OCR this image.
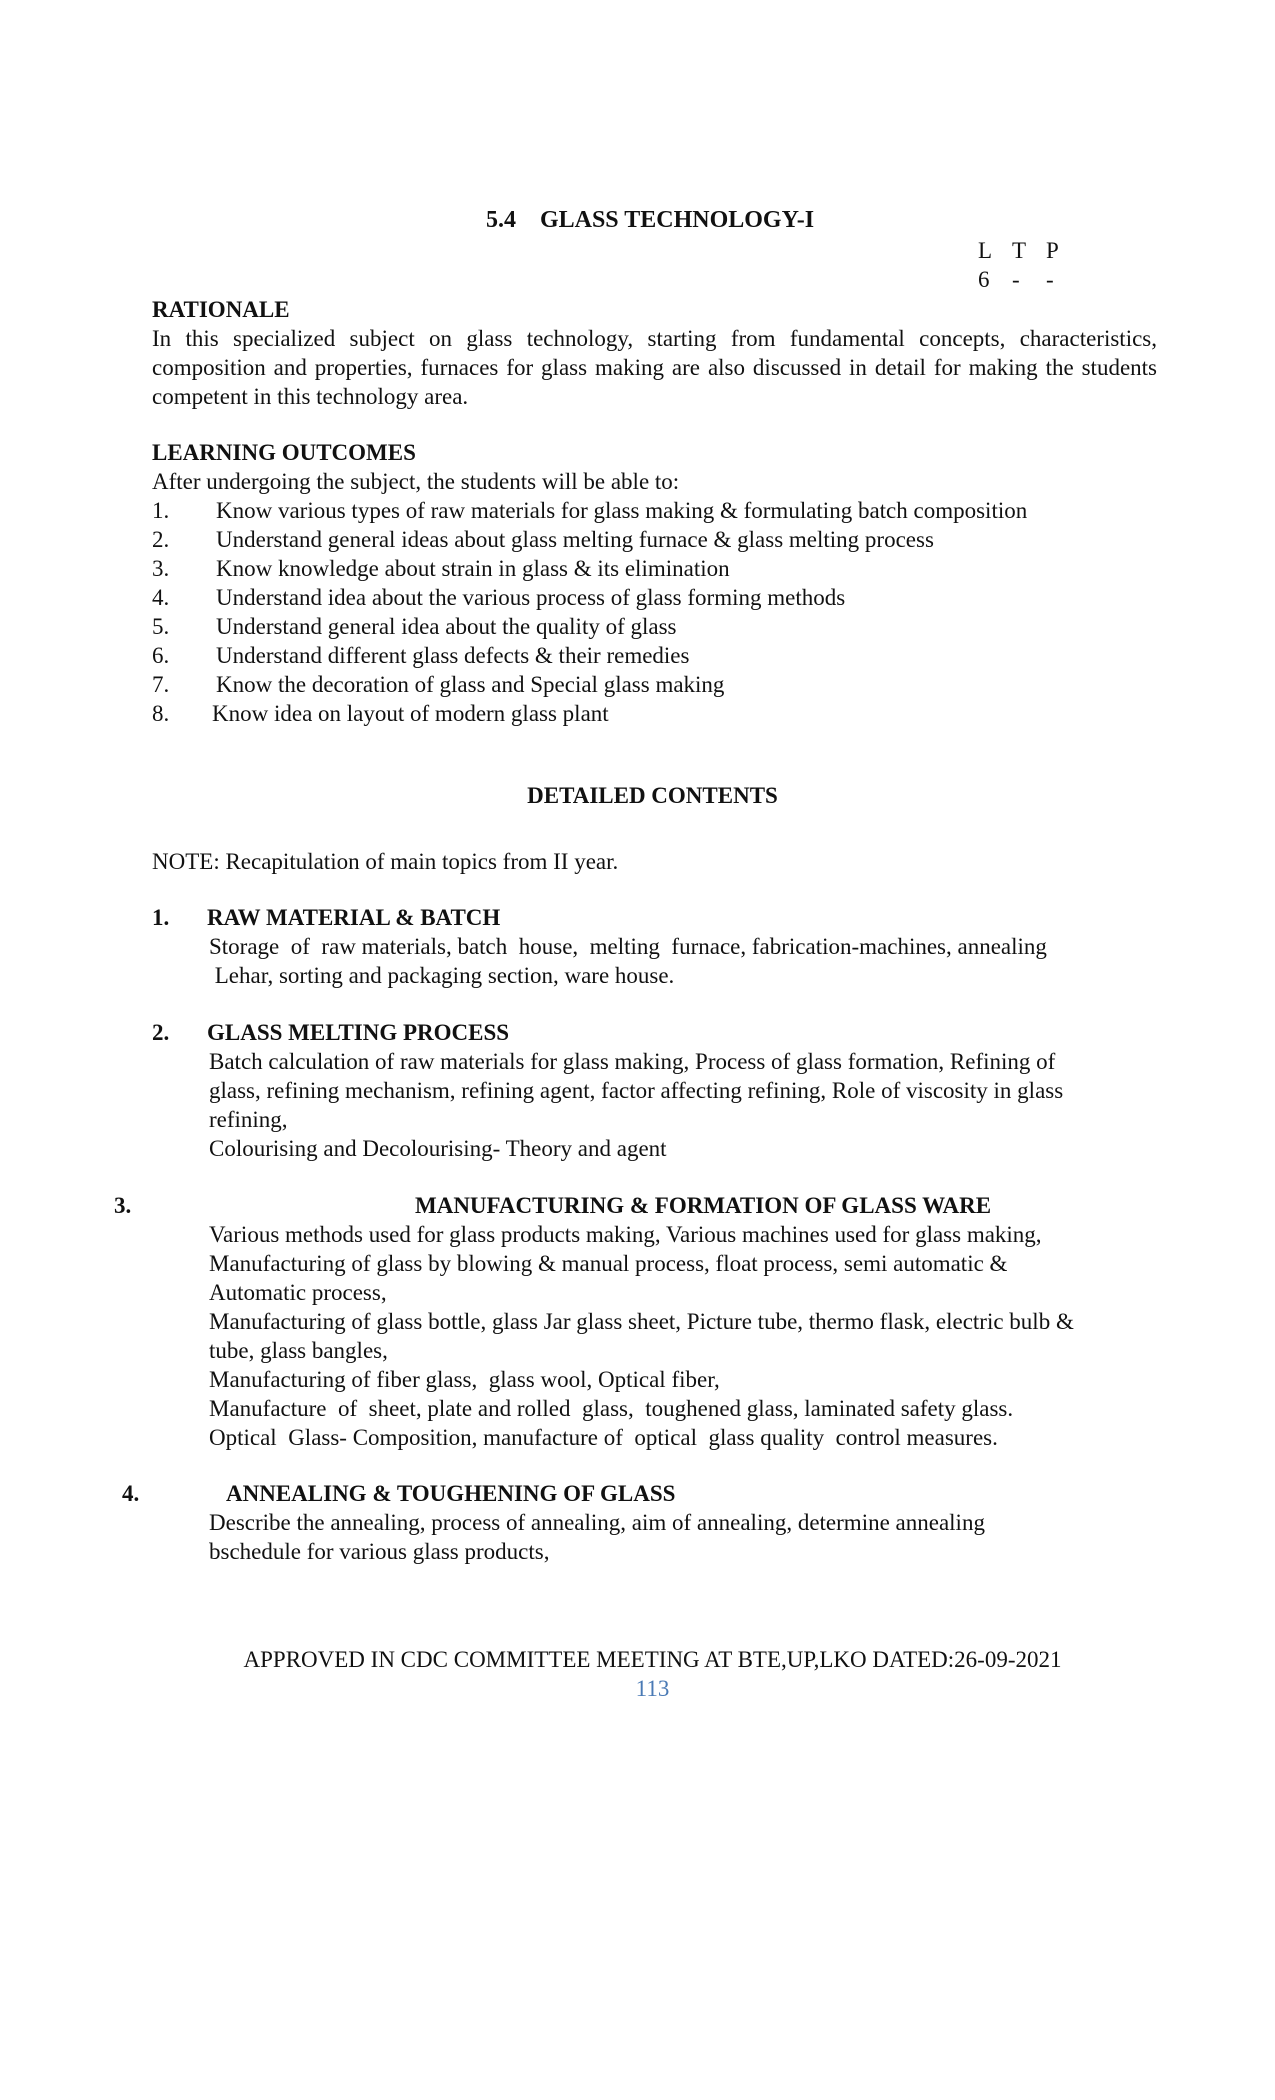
5.4    GLASS TECHNOLOGY-I
L T P
6 - -
RATIONALE
In this specialized subject on glass technology, starting from fundamental concepts, characteristics, composition and properties, furnaces for glass making are also discussed in detail for making the students competent in this technology area.
LEARNING OUTCOMES
After undergoing the subject, the students will be able to:
1. Know various types of raw materials for glass making & formulating batch composition
2. Understand general ideas about glass melting furnace & glass melting process
3. Know knowledge about strain in glass & its elimination
4. Understand idea about the various process of glass forming methods
5. Understand general idea about the quality of glass
6. Understand different glass defects & their remedies
7. Know the decoration of glass and Special glass making
8. Know idea on layout of modern glass plant
DETAILED CONTENTS
NOTE: Recapitulation of main topics from II year.
1. RAW MATERIAL & BATCH
Storage  of  raw materials, batch  house,  melting  furnace, fabrication-machines, annealing
Lehar, sorting and packaging section, ware house.
2. GLASS MELTING PROCESS
Batch calculation of raw materials for glass making, Process of glass formation, Refining of
glass, refining mechanism, refining agent, factor affecting refining, Role of viscosity in glass
refining,
Colourising and Decolourising- Theory and agent
3.	MANUFACTURING & FORMATION OF GLASS WARE
Various methods used for glass products making, Various machines used for glass making,
Manufacturing of glass by blowing & manual process, float process, semi automatic &
Automatic process,
Manufacturing of glass bottle, glass Jar glass sheet, Picture tube, thermo flask, electric bulb &
tube, glass bangles,
Manufacturing of fiber glass,  glass wool, Optical fiber,
Manufacture  of  sheet, plate and rolled  glass,  toughened glass, laminated safety glass.
Optical  Glass- Composition, manufacture of  optical  glass quality  control measures.
4.	ANNEALING & TOUGHENING OF GLASS
Describe the annealing, process of annealing, aim of annealing, determine annealing
bschedule for various glass products,
APPROVED IN CDC COMMITTEE MEETING AT BTE,UP,LKO DATED:26-09-2021
113
